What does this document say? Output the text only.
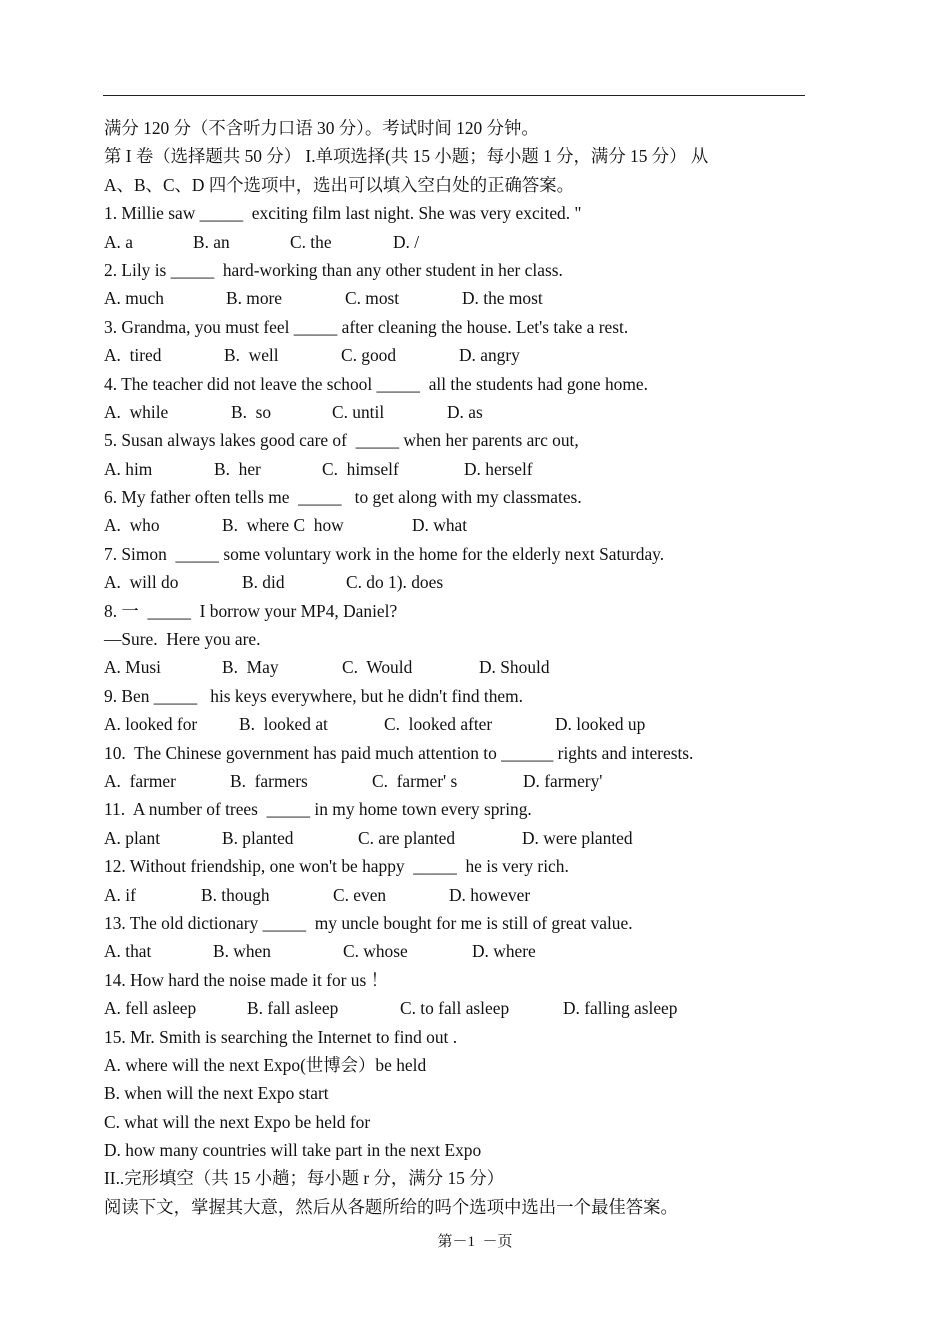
满分 120 分（不含听力口语 30 分）。考试时间 120 分钟。
第 I 卷（选择题共 50 分） I.单项选择(共 15 小题；每小题 1 分，满分 15 分） 从
A、B、C、D 四个选项中，选出可以填入空白处的正确答案。
1. Millie saw _____  exciting film last night. She was very excited. "

A. a

	B. an

	C. the

	D. /

2. Lily is _____  hard-working than any other student in her class.

A. much

	B. more

	C. most

	D. the most

3. Grandma, you must feel _____ after cleaning the house. Let's take a rest.

A.  tired

	B.  well

	C. good

	D. angry

4. The teacher did not leave the school _____  all the students had gone home.

A.  while

	B.  so

	C. until

	D. as

5. Susan always lakes good care of  _____ when her parents arc out,

A. him

	B.  her

	C.  himself

	D. herself

6. My father often tells me  _____   to get along with my classmates.

A.  who

	B.  where C  how

	D. what

7. Simon  _____ some voluntary work in the home for the elderly next Saturday.

A.  will do

	B. did

	C. do 1). does

8. 一  _____  I borrow your MP4, Daniel?
—Sure.  Here you are.

A. Musi

	B.  May

	C.  Would

	D. Should

9. Ben _____   his keys everywhere, but he didn't find them.

A. looked for

B.  looked at

	C.  looked after

	D. looked up

10.  The Chinese government has paid much attention to ______ rights and interests.

A.  farmer

	B.  farmers

	C.  farmer' s

	D. farmery'

11.  A number of trees  _____ in my home town every spring.

A. plant

	B. planted

	C. are planted

	D. were planted

12. Without friendship, one won't be happy  _____  he is very rich.

A. if

	B. though

	C. even

	D. however

13. The old dictionary _____  my uncle bought for me is still of great value.

A. that

	B. when

	C. whose

	D. where

14. How hard the noise made it for us ！

A. fell asleep

	B. fall asleep

	C. to fall asleep

	D. falling asleep

15. Mr. Smith is searching the Internet to find out .
A. where will the next Expo(世博会）be held
B. when will the next Expo start
C. what will the next Expo be held for
D. how many countries will take part in the next Expo
II..完形填空（共 15 小趟；每小题 r 分，满分 15 分）
阅读下文，掌握其大意，然后从各题所给的吗个选项中选出一个最佳答案。
第－1  －页
